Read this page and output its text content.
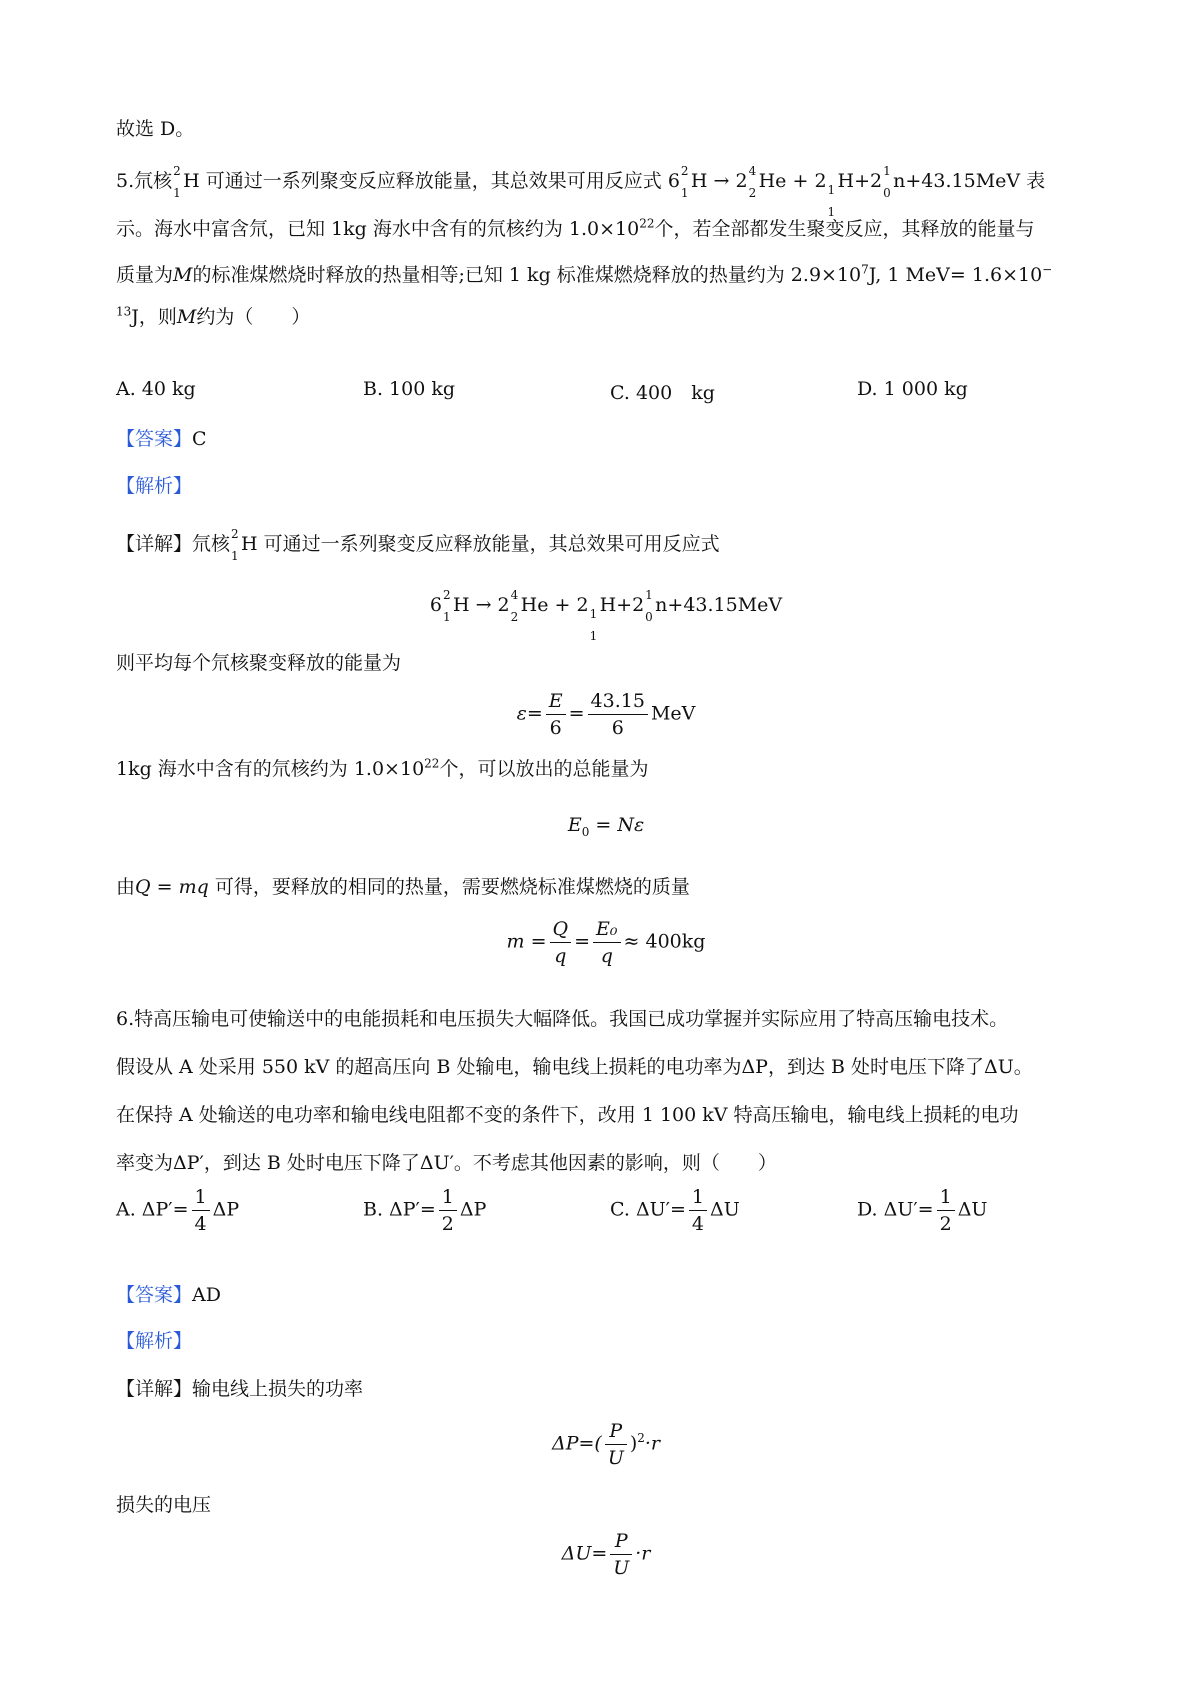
故选 D。
5.氘核 2
1
H 可通过一系列聚变反应释放能量，其总效果可用反应式 6 2
1
H → 2 4
2
He + 2 1
1
H+2 1
0
n+43.15MeV 表
示。海水中富含氘，已知 1kg 海水中含有的氘核约为 $1.0\times 10^{22}$个，若全部都发生聚变反应，其释放的能量与
质量为M的标准煤燃烧时释放的热量相等;已知 1 kg 标准煤燃烧释放的热量约为 $2.9\times 10^7J$, 1 MeV= 1.6×10−
$^{13}$J，则M约为（　　）
A. 40 kg	B. 100 kg	C. 400　kg	D. 1 000 kg
【答案】C
【解析】
【详解】氘核 2
1
H 可通过一系列聚变反应释放能量，其总效果可用反应式
6 2
1
H → 2 4
2
He + 2 1
1
H+2 1
0
n+43.15MeV
则平均每个氘核聚变释放的能量为
$\varepsilon= \frac{E}{6} = \frac{43.15}{6}$ MeV
1kg 海水中含有的氘核约为 $1.0\times 10^{22}$个，可以放出的总能量为
$E_0 = N\varepsilon$
由Q = mq 可得，要释放的相同的热量，需要燃烧标准煤燃烧的质量
$m = \frac{Q}{q} = \frac{\text{E₀}}{q} \approx 400kg$
6.特高压输电可使输送中的电能损耗和电压损失大幅降低。我国已成功掌握并实际应用了特高压输电技术。
假设从 A 处采用 550 kV 的超高压向 B 处输电，输电线上损耗的电功率为ΔP，到达 B 处时电压下降了ΔU。
在保持 A 处输送的电功率和输电线电阻都不变的条件下，改用 1 100 kV 特高压输电，输电线上损耗的电功
率变为ΔP′，到达 B 处时电压下降了ΔU′。不考虑其他因素的影响，则（　　）
A. $\Delta P'= \frac{1}{4}$ ΔP	B. $\Delta P'= \frac{1}{2}$ ΔP	C. $\Delta U'= \frac{1}{4}$ ΔU	D. $\Delta U'= \frac{1}{2}$ ΔU
【答案】AD
【解析】
【详解】输电线上损失的功率
$\Delta P=( \frac{P}{U} )^2\cdot r$
损失的电压
$\Delta U= \frac{P}{U} \cdot r$
